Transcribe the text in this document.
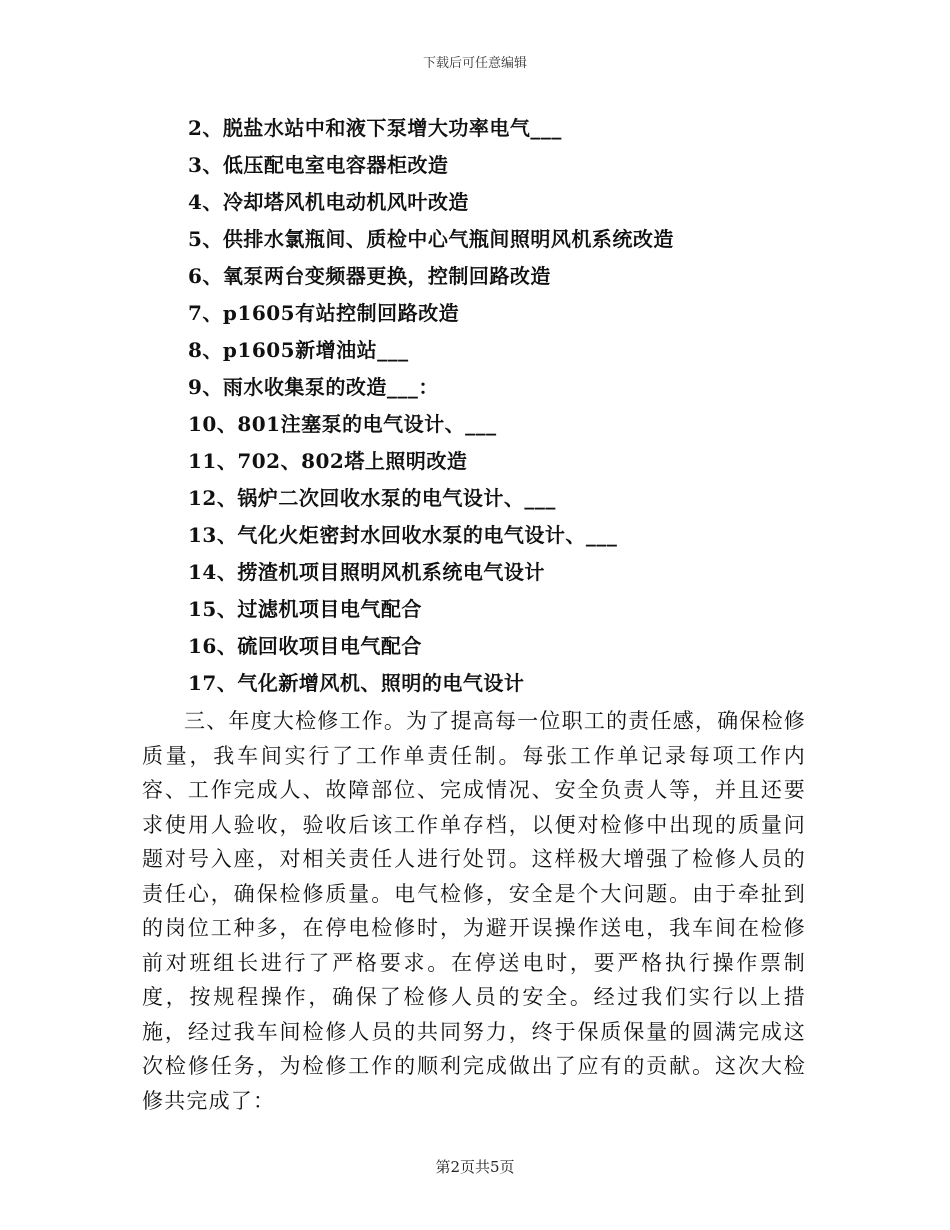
下载后可任意编辑
2、脱盐水站中和液下泵增大功率电气___
3、低压配电室电容器柜改造
4、冷却塔风机电动机风叶改造
5、供排水氯瓶间、质检中心气瓶间照明风机系统改造
6、氧泵两台变频器更换，控制回路改造
7、p1605有站控制回路改造
8、p1605新增油站___
9、雨水收集泵的改造___：
10、801注塞泵的电气设计、___
11、702、802塔上照明改造
12、锅炉二次回收水泵的电气设计、___
13、气化火炬密封水回收水泵的电气设计、___
14、捞渣机项目照明风机系统电气设计
15、过滤机项目电气配合
16、硫回收项目电气配合
17、气化新增风机、照明的电气设计

三、年度大检修工作。为了提高每一位职工的责任感，确保检修质量，我车间实行了工作单责任制。每张工作单记录每项工作内容、工作完成人、故障部位、完成情况、安全负责人等，并且还要求使用人验收，验收后该工作单存档，以便对检修中出现的质量问题对号入座，对相关责任人进行处罚。这样极大增强了检修人员的责任心，确保检修质量。电气检修，安全是个大问题。由于牵扯到的岗位工种多，在停电检修时，为避开误操作送电，我车间在检修前对班组长进行了严格要求。在停送电时，要严格执行操作票制度，按规程操作，确保了检修人员的安全。经过我们实行以上措施，经过我车间检修人员的共同努力，终于保质保量的圆满完成这次检修任务，为检修工作的顺利完成做出了应有的贡献。这次大检修共完成了：

第2页共5页
